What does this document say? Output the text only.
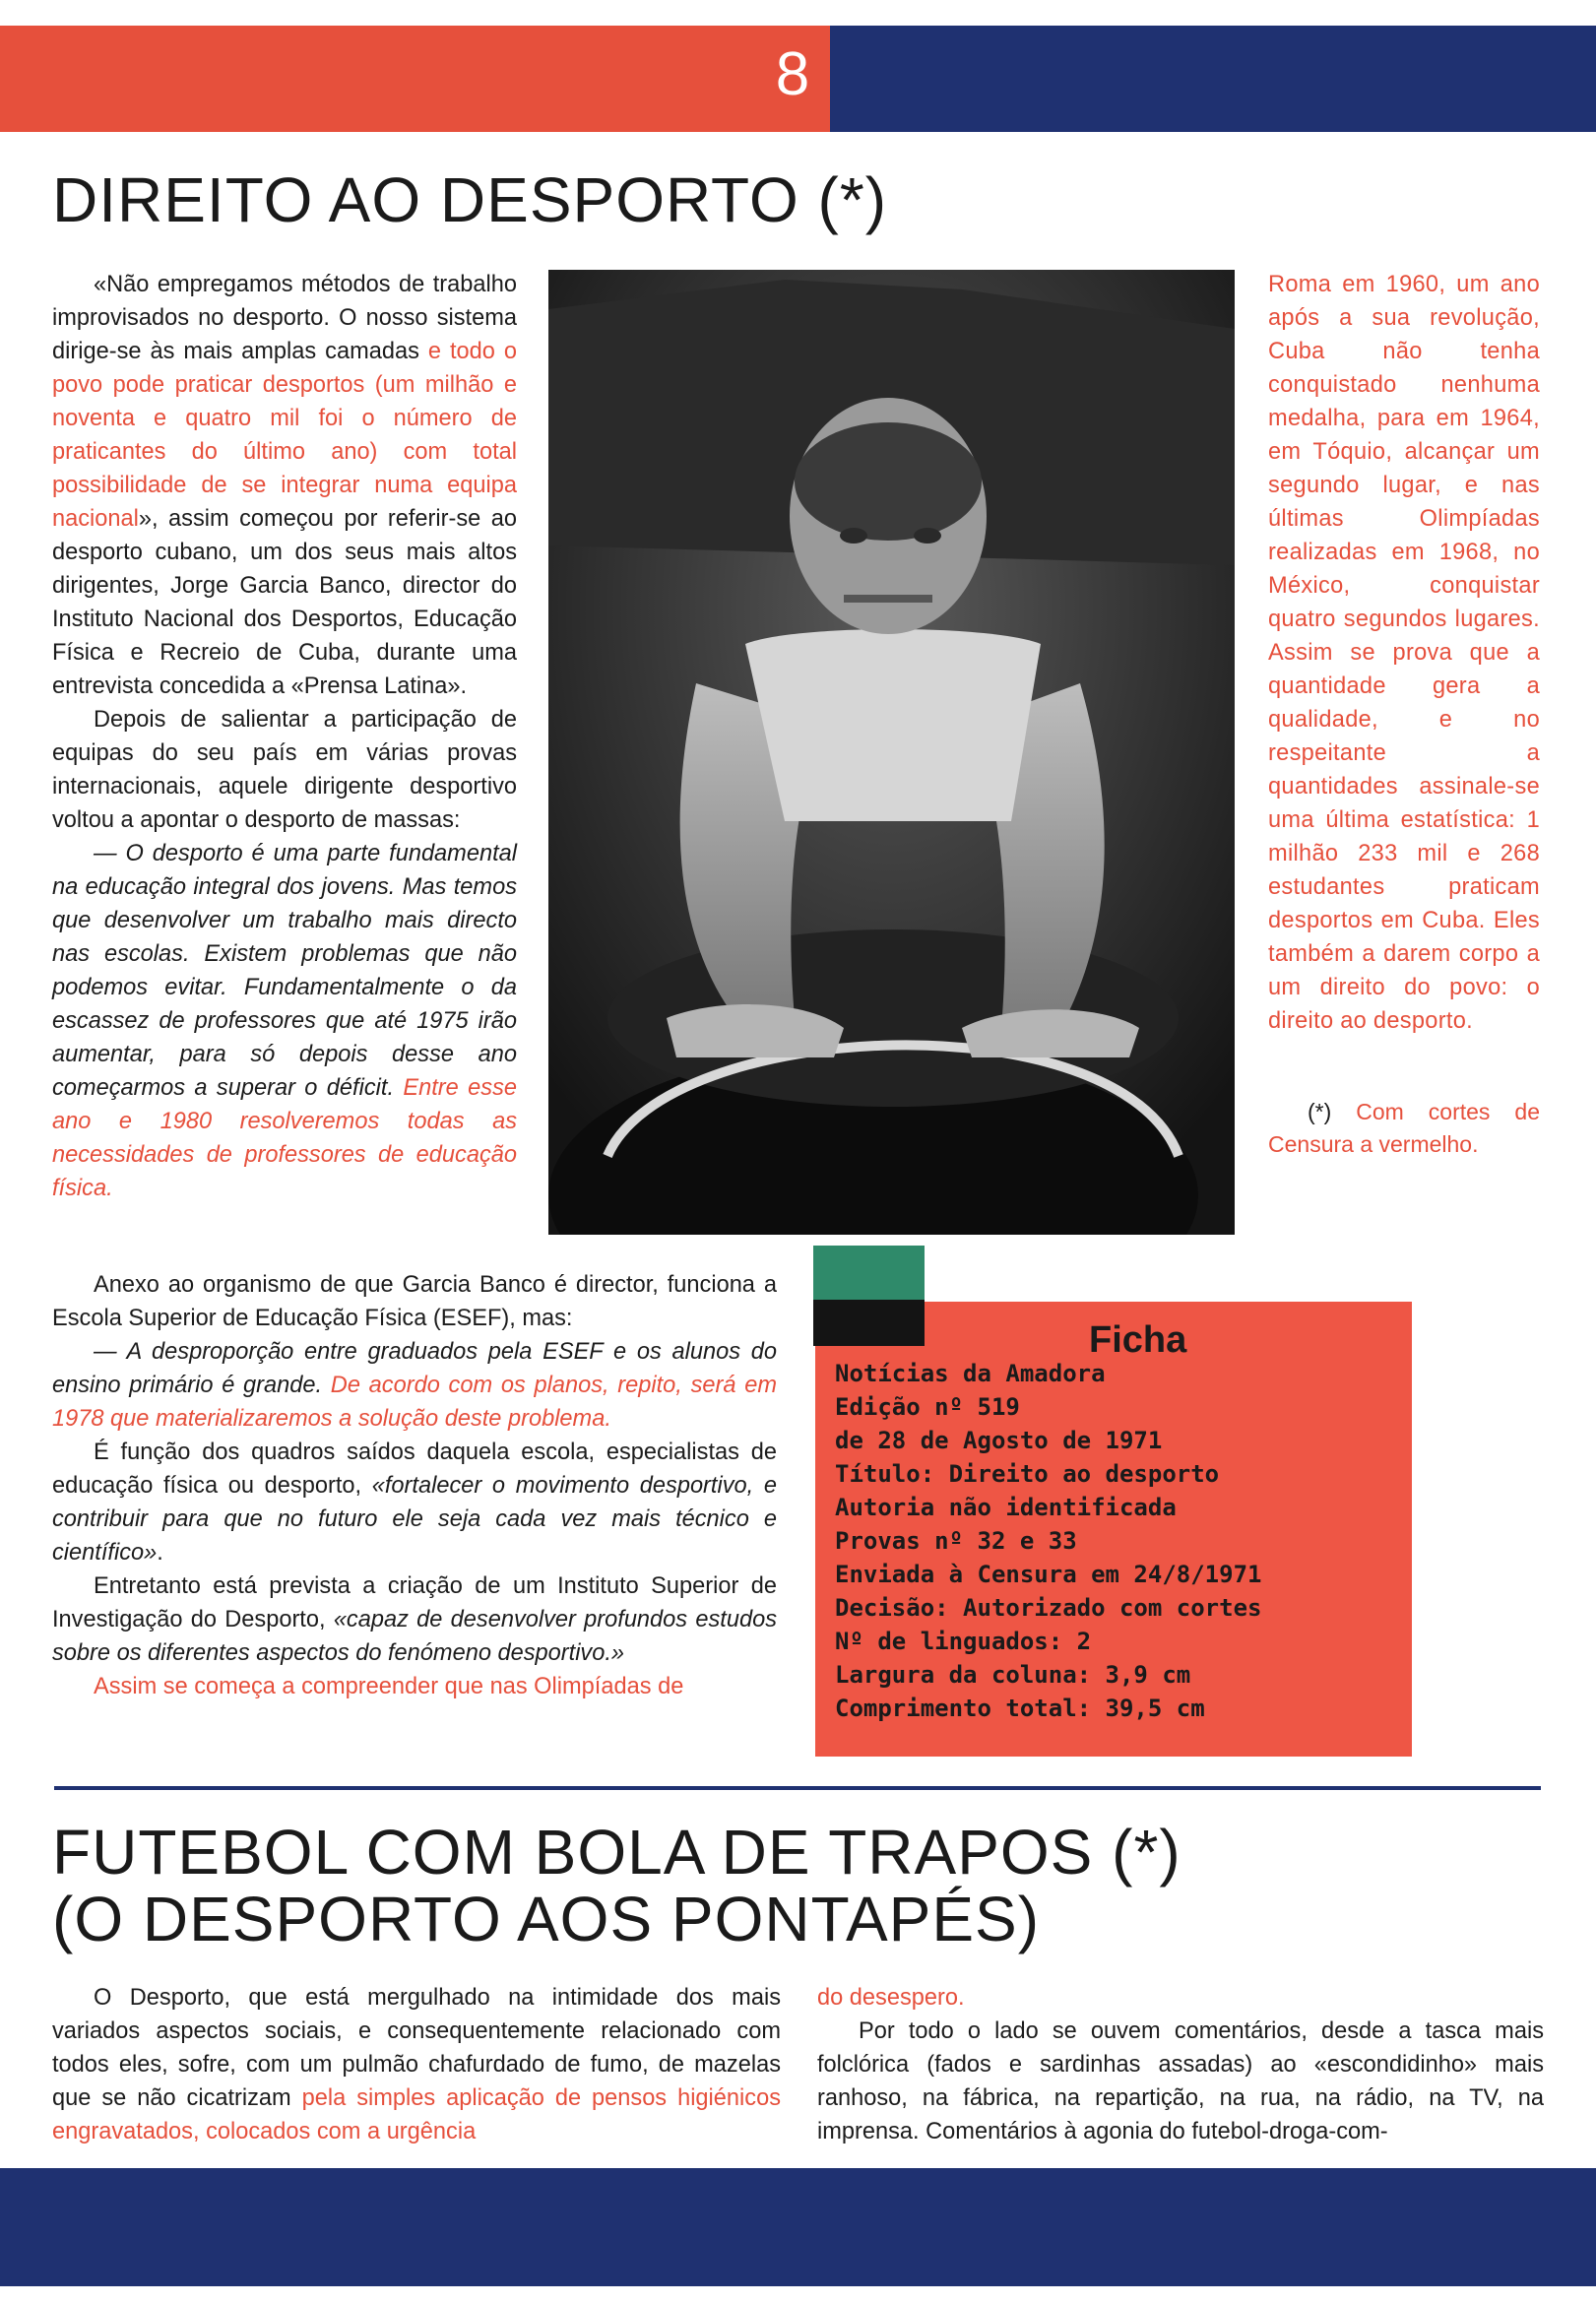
8
DIREITO AO DESPORTO (*)

«Não empregamos métodos de trabalho improvisados no desporto. O nosso sistema dirige-se às mais amplas camadas e todo o povo pode praticar desportos (um milhão e noventa e quatro mil foi o número de praticantes do último ano) com total possibilidade de se integrar numa equipa nacional», assim começou por referir-se ao desporto cubano, um dos seus mais altos dirigentes, Jorge Garcia Banco, director do Instituto Nacional dos Desportos, Educação Física e Recreio de Cuba, durante uma entrevista concedida a «Prensa Latina».

Depois de salientar a participação de equipas do seu país em várias provas internacionais, aquele dirigente desportivo voltou a apontar o desporto de massas:

— O desporto é uma parte fundamental na educação integral dos jovens. Mas temos que desenvolver um trabalho mais directo nas escolas. Existem problemas que não podemos evitar. Fundamentalmente o da escassez de professores que até 1975 irão aumentar, para só depois desse ano começarmos a superar o déficit. Entre esse ano e 1980 resolveremos todas as necessidades de professores de educação física.

Roma em 1960, um ano após a sua revolução, Cuba não tenha conquistado nenhuma medalha, para em 1964, em Tóquio, alcançar um segundo lugar, e nas últimas Olimpíadas realizadas em 1968, no México, conquistar quatro segundos lugares. Assim se prova que a quantidade gera a qualidade, e no respeitante a quantidades assinale-se uma última estatística: 1 milhão 233 mil e 268 estudantes praticam desportos em Cuba. Eles também a darem corpo a um direito do povo: o direito ao desporto.
(*) Com cortes de Censura a vermelho.

Anexo ao organismo de que Garcia Banco é director, funciona a Escola Superior de Educação Física (ESEF), mas:

— A desproporção entre graduados pela ESEF e os alunos do ensino primário é grande. De acordo com os planos, repito, será em 1978 que materializaremos a solução deste problema.

É função dos quadros saídos daquela escola, especialistas de educação física ou desporto, «fortalecer o movimento desportivo, e contribuir para que no futuro ele seja cada vez mais técnico e científico».

Entretanto está prevista a criação de um Instituto Superior de Investigação do Desporto, «capaz de desenvolver profundos estudos sobre os diferentes aspectos do fenómeno desportivo.»

Assim se começa a compreender que nas Olimpíadas de

Ficha
Notícias da Amadora
Edição nº 519
de 28 de Agosto de 1971
Título: Direito ao desporto
Autoria não identificada
Provas nº 32 e 33
Enviada à Censura em 24/8/1971
Decisão: Autorizado com cortes
Nº de linguados: 2
Largura da coluna: 3,9 cm
Comprimento total: 39,5 cm
FUTEBOL COM BOLA DE TRAPOS (*)
(O DESPORTO AOS PONTAPÉS)

O Desporto, que está mergulhado na intimidade dos mais variados aspectos sociais, e consequentemente relacionado com todos eles, sofre, com um pulmão chafurdado de fumo, de mazelas que se não cicatrizam pela simples aplicação de pensos higiénicos engravatados, colocados com a urgência

do desespero.

Por todo o lado se ouvem comentários, desde a tasca mais folclórica (fados e sardinhas assadas) ao «escondidinho» mais ranhoso, na fábrica, na repartição, na rua, na rádio, na TV, na imprensa. Comentários à agonia do futebol-droga-com-
